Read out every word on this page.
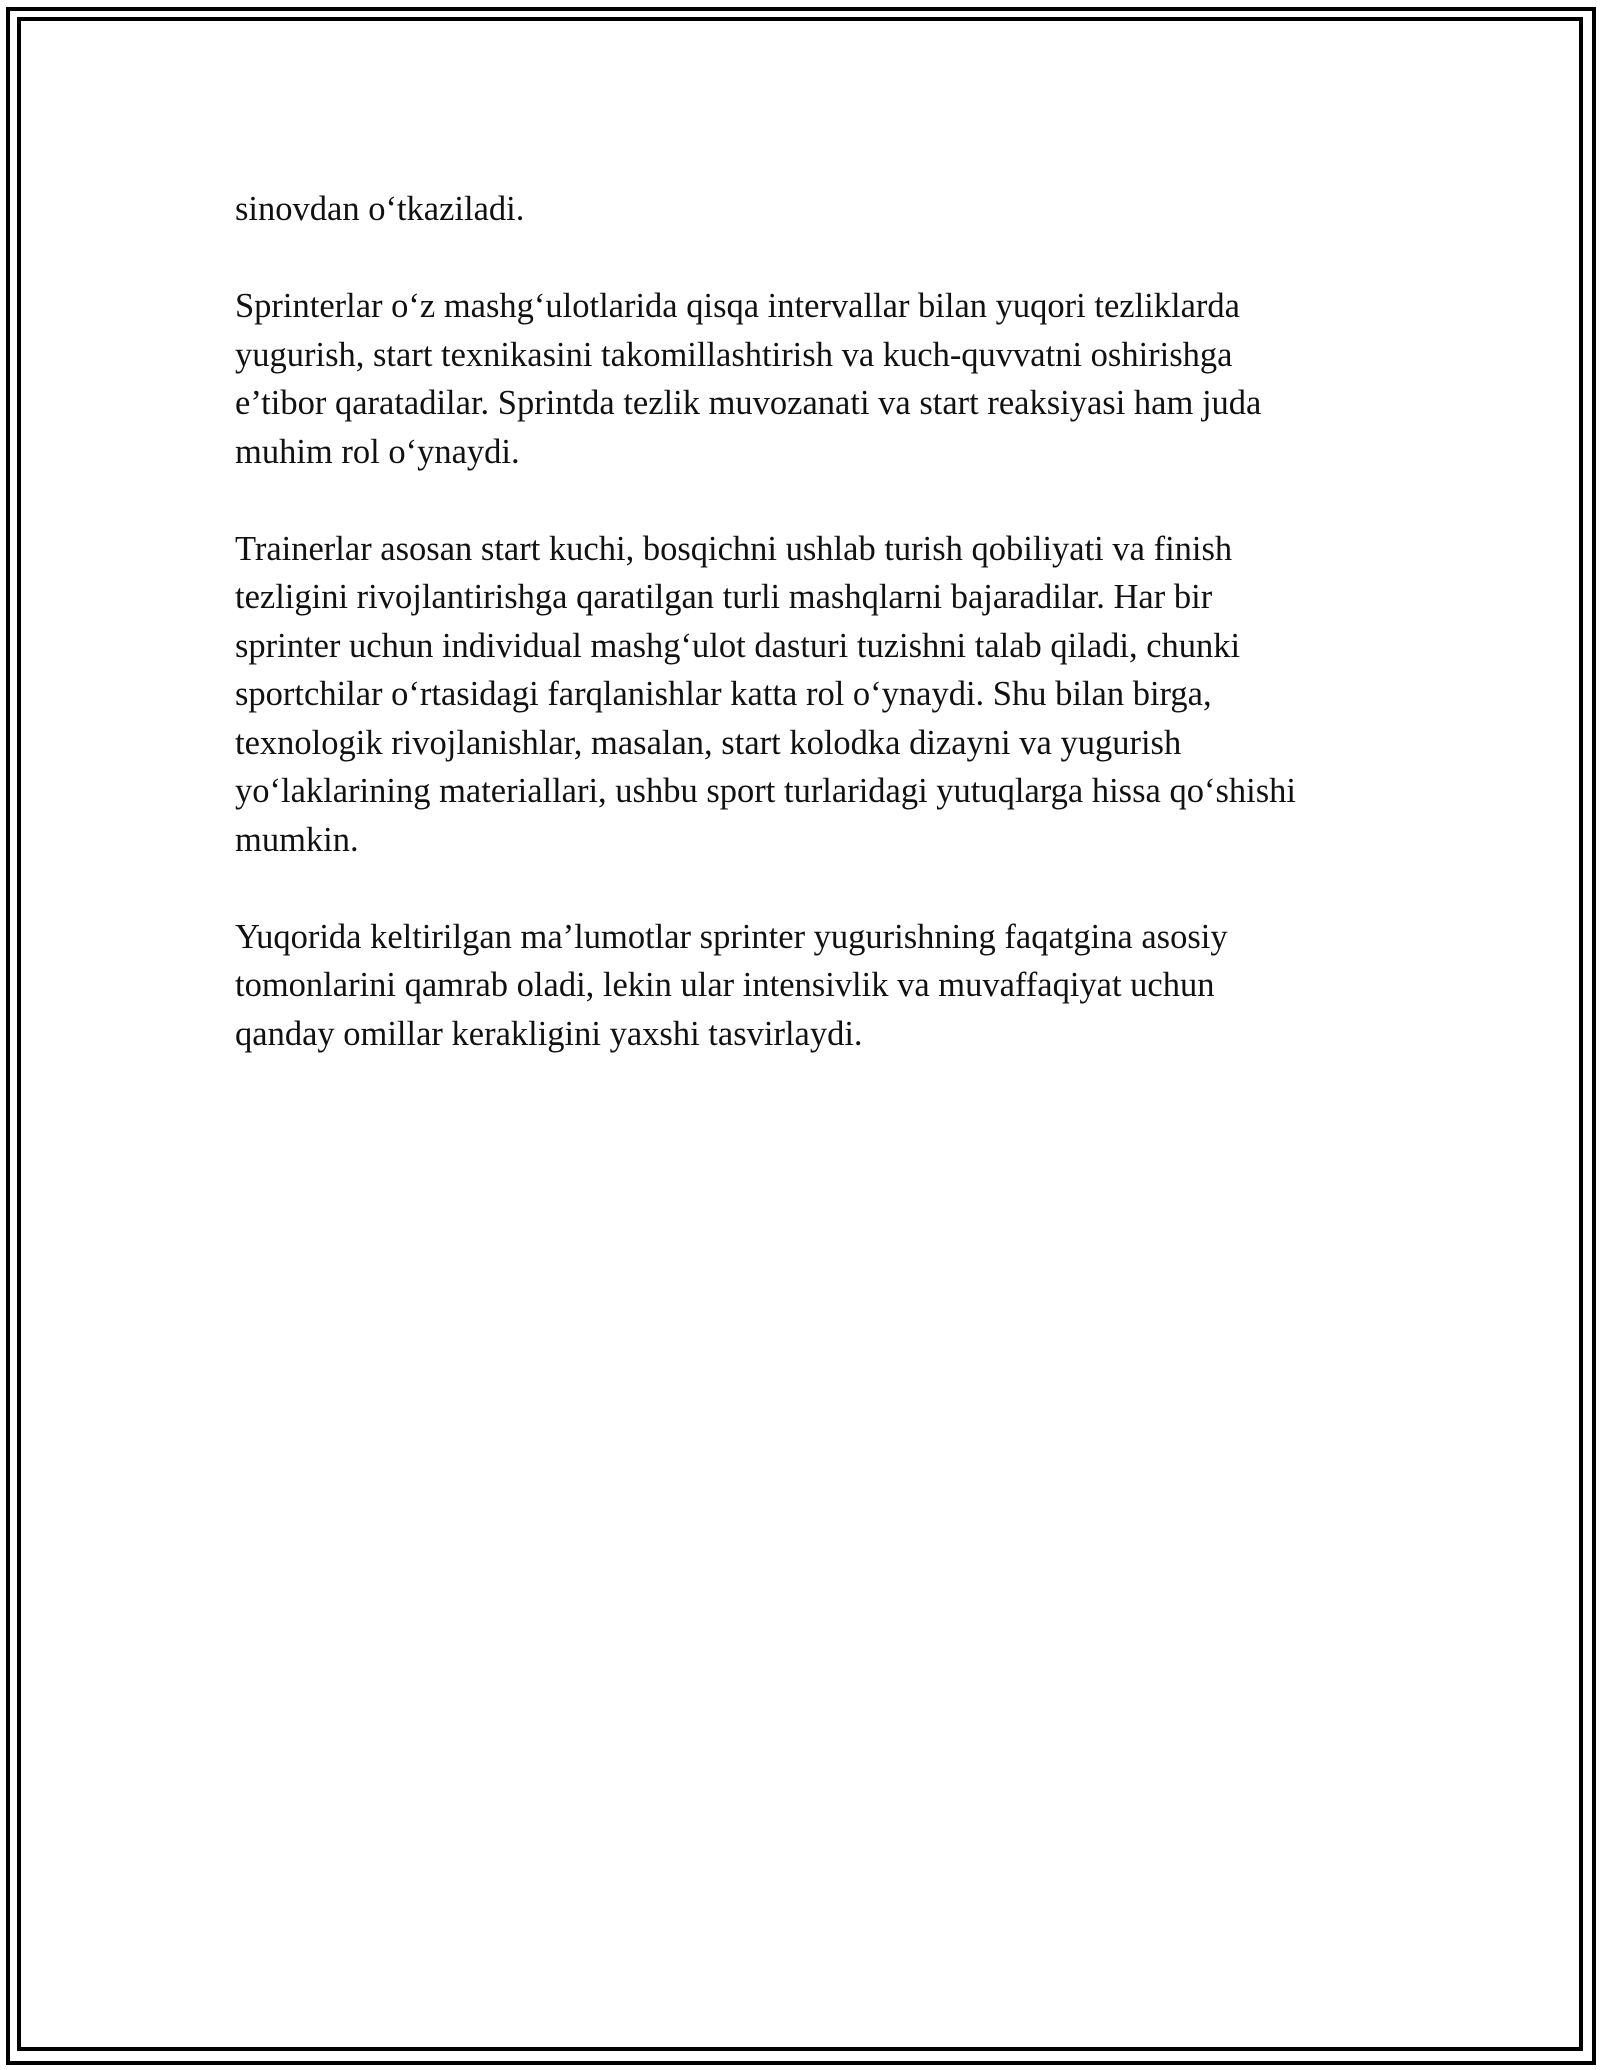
sinovdan o‘tkaziladi.

Sprinterlar o‘z mashg‘ulotlarida qisqa intervallar bilan yuqori tezliklarda
yugurish, start texnikasini takomillashtirish va kuch-quvvatni oshirishga
e’tibor qaratadilar. Sprintda tezlik muvozanati va start reaksiyasi ham juda
muhim rol o‘ynaydi.

Trainerlar asosan start kuchi, bosqichni ushlab turish qobiliyati va finish
tezligini rivojlantirishga qaratilgan turli mashqlarni bajaradilar. Har bir
sprinter uchun individual mashg‘ulot dasturi tuzishni talab qiladi, chunki
sportchilar o‘rtasidagi farqlanishlar katta rol o‘ynaydi. Shu bilan birga,
texnologik rivojlanishlar, masalan, start kolodka dizayni va yugurish
yo‘laklarining materiallari, ushbu sport turlaridagi yutuqlarga hissa qo‘shishi
mumkin.

Yuqorida keltirilgan ma’lumotlar sprinter yugurishning faqatgina asosiy
tomonlarini qamrab oladi, lekin ular intensivlik va muvaffaqiyat uchun
qanday omillar kerakligini yaxshi tasvirlaydi.
